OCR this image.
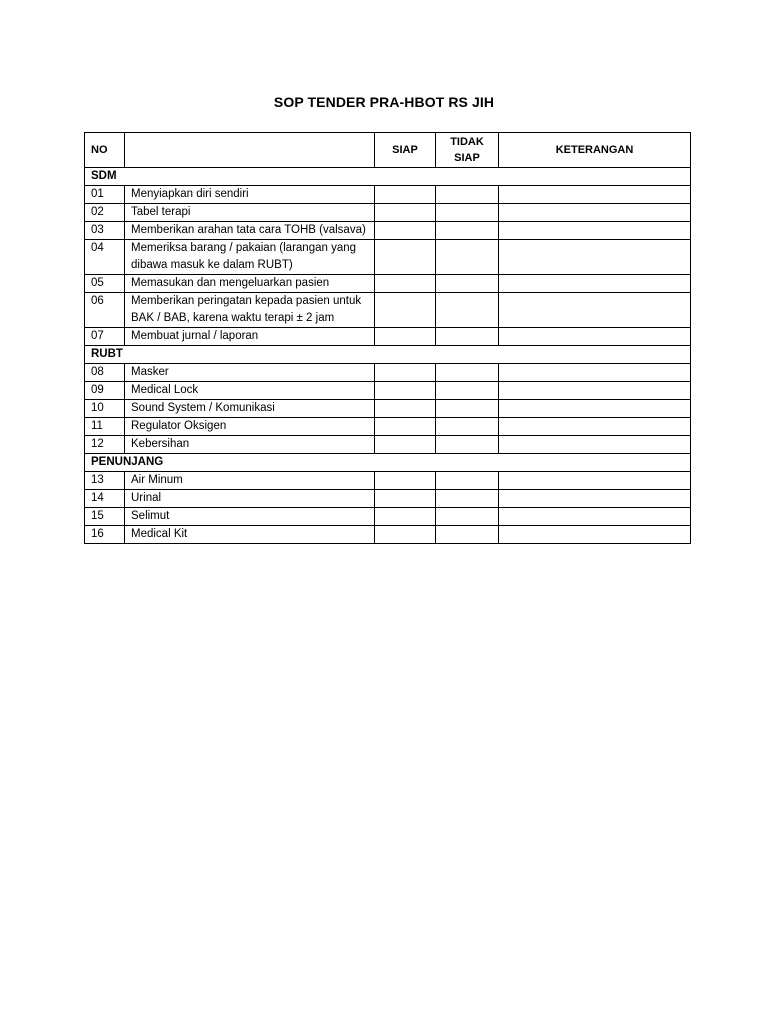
SOP TENDER PRA-HBOT RS JIH
NO		SIAP	TIDAK SIAP	KETERANGAN
SDM				
01	Menyiapkan diri sendiri			
02	Tabel terapi			
03	Memberikan arahan tata cara TOHB (valsava)			
04	Memeriksa barang / pakaian (larangan yang dibawa masuk ke dalam RUBT)			
05	Memasukan dan mengeluarkan pasien			
06	Memberikan peringatan kepada pasien untuk BAK / BAB, karena waktu terapi ± 2 jam			
07	Membuat jurnal / laporan			
RUBT				
08	Masker			
09	Medical Lock			
10	Sound System / Komunikasi			
11	Regulator Oksigen			
12	Kebersihan			
PENUNJANG				
13	Air Minum			
14	Urinal			
15	Selimut			
16	Medical Kit			
